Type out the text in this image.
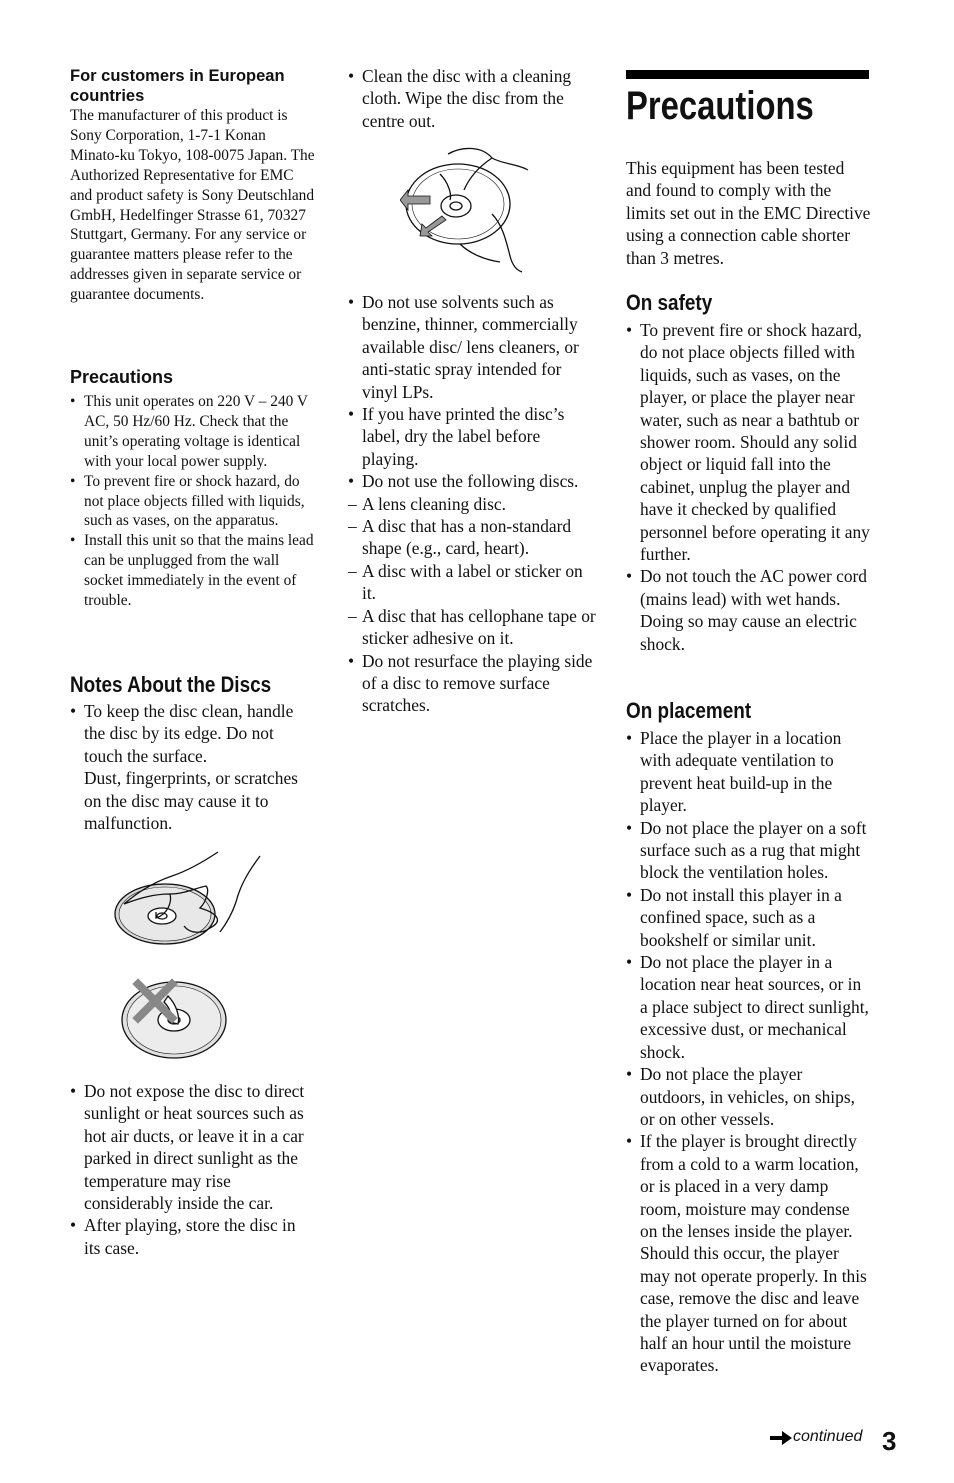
For customers in European countries
The manufacturer of this product is Sony Corporation, 1-7-1 Konan Minato-ku Tokyo, 108-0075 Japan. The Authorized Representative for EMC and product safety is Sony Deutschland GmbH, Hedelfinger Strasse 61, 70327 Stuttgart, Germany. For any service or guarantee matters please refer to the addresses given in separate service or guarantee documents.
Precautions
• This unit operates on 220 V – 240 V AC, 50 Hz/60 Hz. Check that the unit’s operating voltage is identical with your local power supply.
• To prevent fire or shock hazard, do not place objects filled with liquids, such as vases, on the apparatus.
• Install this unit so that the mains lead can be unplugged from the wall socket immediately in the event of trouble.
Notes About the Discs
• To keep the disc clean, handle the disc by its edge. Do not touch the surface.
Dust, fingerprints, or scratches on the disc may cause it to malfunction.
• Do not expose the disc to direct sunlight or heat sources such as hot air ducts, or leave it in a car parked in direct sunlight as the temperature may rise considerably inside the car.
• After playing, store the disc in its case.
• Clean the disc with a cleaning cloth. Wipe the disc from the centre out.
• Do not use solvents such as benzine, thinner, commercially available disc/ lens cleaners, or anti-static spray intended for vinyl LPs.
• If you have printed the disc’s label, dry the label before playing.
• Do not use the following discs.
– A lens cleaning disc.
– A disc that has a non-standard shape (e.g., card, heart).
– A disc with a label or sticker on it.
– A disc that has cellophane tape or sticker adhesive on it.
• Do not resurface the playing side of a disc to remove surface scratches.
Precautions
This equipment has been tested and found to comply with the limits set out in the EMC Directive using a connection cable shorter than 3 metres.
On safety
• To prevent fire or shock hazard, do not place objects filled with liquids, such as vases, on the player, or place the player near water, such as near a bathtub or shower room. Should any solid object or liquid fall into the cabinet, unplug the player and have it checked by qualified personnel before operating it any further.
• Do not touch the AC power cord (mains lead) with wet hands. Doing so may cause an electric shock.
On placement
• Place the player in a location with adequate ventilation to prevent heat build-up in the player.
• Do not place the player on a soft surface such as a rug that might block the ventilation holes.
• Do not install this player in a confined space, such as a bookshelf or similar unit.
• Do not place the player in a location near heat sources, or in a place subject to direct sunlight, excessive dust, or mechanical shock.
• Do not place the player outdoors, in vehicles, on ships, or on other vessels.
• If the player is brought directly from a cold to a warm location, or is placed in a very damp room, moisture may condense on the lenses inside the player. Should this occur, the player may not operate properly. In this case, remove the disc and leave the player turned on for about half an hour until the moisture evaporates.
continued 3
